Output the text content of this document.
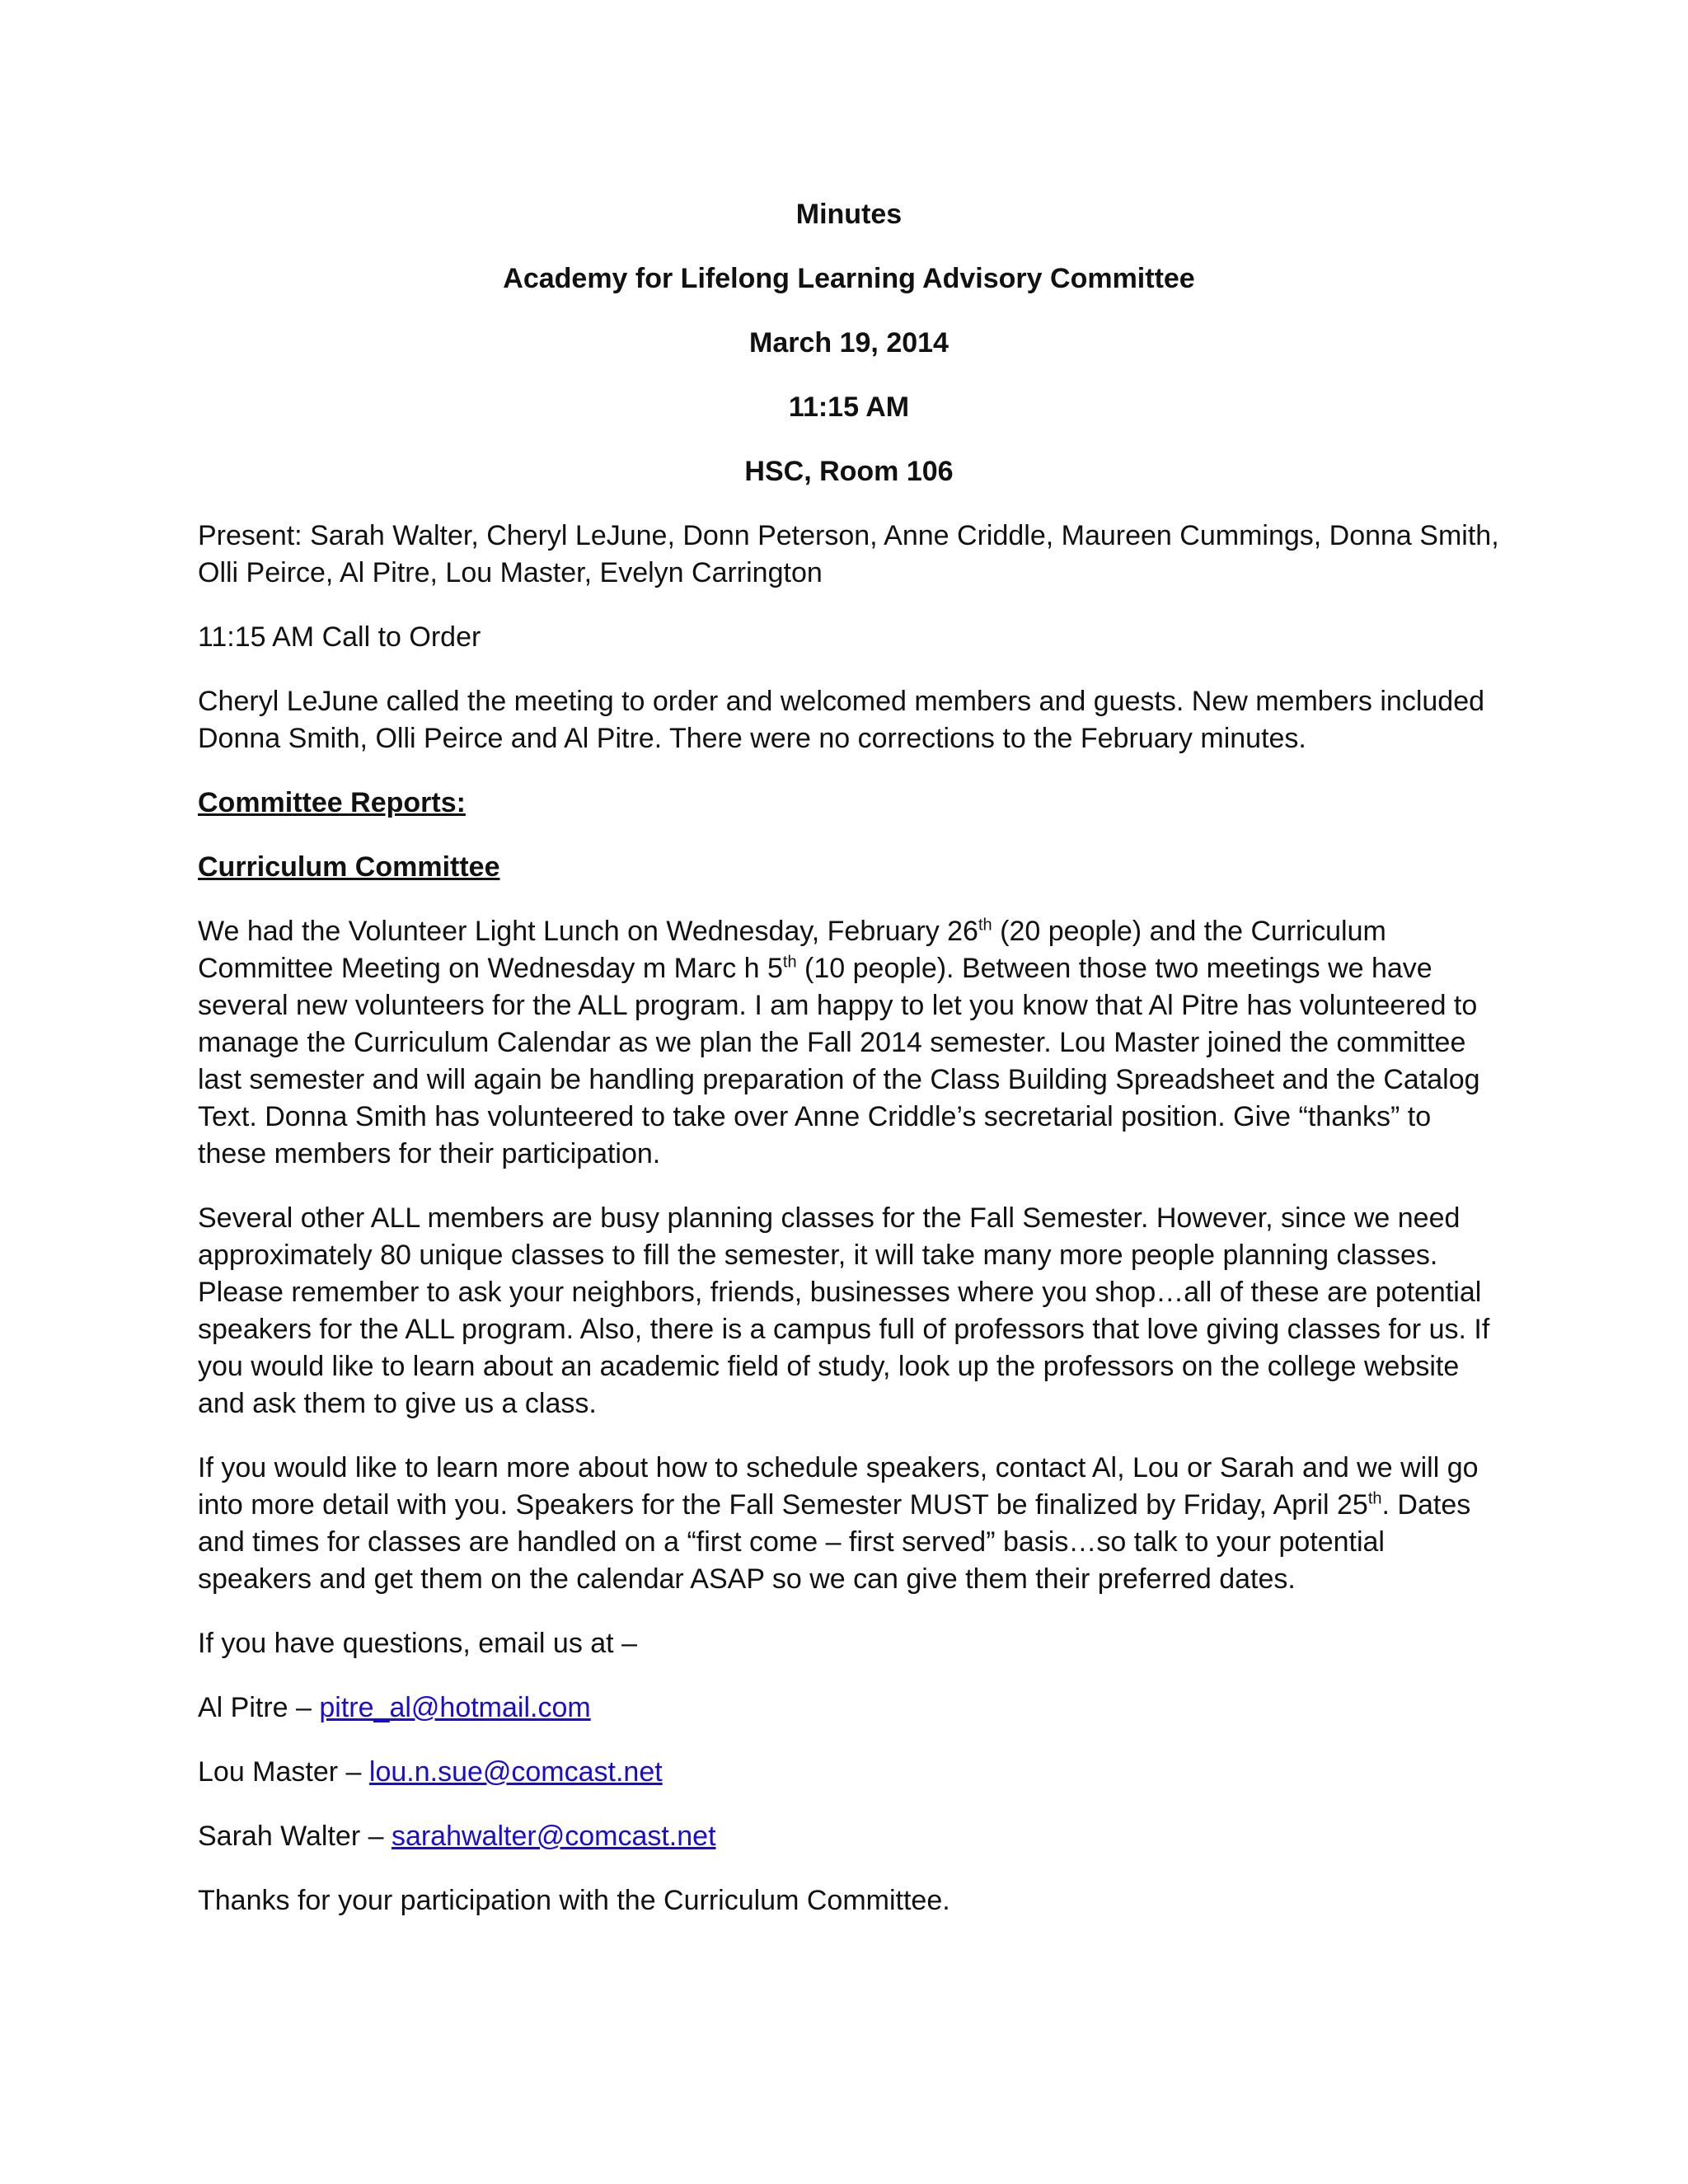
Minutes
Academy for Lifelong Learning Advisory Committee
March 19, 2014
11:15 AM
HSC, Room 106

Present: Sarah Walter, Cheryl LeJune, Donn Peterson, Anne Criddle, Maureen Cummings, Donna Smith,
Olli Peirce, Al Pitre, Lou Master, Evelyn Carrington

11:15 AM Call to Order

Cheryl LeJune called the meeting to order and welcomed members and guests. New members included
Donna Smith, Olli Peirce and Al Pitre. There were no corrections to the February minutes.

Committee Reports:

Curriculum Committee

We had the Volunteer Light Lunch on Wednesday, February 26th (20 people) and the Curriculum
Committee Meeting on Wednesday m Marc h 5th (10 people). Between those two meetings we have
several new volunteers for the ALL program. I am happy to let you know that Al Pitre has volunteered to
manage the Curriculum Calendar as we plan the Fall 2014 semester. Lou Master joined the committee
last semester and will again be handling preparation of the Class Building Spreadsheet and the Catalog
Text. Donna Smith has volunteered to take over Anne Criddle’s secretarial position. Give “thanks” to
these members for their participation.

Several other ALL members are busy planning classes for the Fall Semester. However, since we need
approximately 80 unique classes to fill the semester, it will take many more people planning classes.
Please remember to ask your neighbors, friends, businesses where you shop…all of these are potential
speakers for the ALL program. Also, there is a campus full of professors that love giving classes for us. If
you would like to learn about an academic field of study, look up the professors on the college website
and ask them to give us a class.

If you would like to learn more about how to schedule speakers, contact Al, Lou or Sarah and we will go
into more detail with you. Speakers for the Fall Semester MUST be finalized by Friday, April 25th. Dates
and times for classes are handled on a “first come – first served” basis…so talk to your potential
speakers and get them on the calendar ASAP so we can give them their preferred dates.

If you have questions, email us at –

Al Pitre – pitre_al@hotmail.com

Lou Master – lou.n.sue@comcast.net

Sarah Walter – sarahwalter@comcast.net

Thanks for your participation with the Curriculum Committee.
